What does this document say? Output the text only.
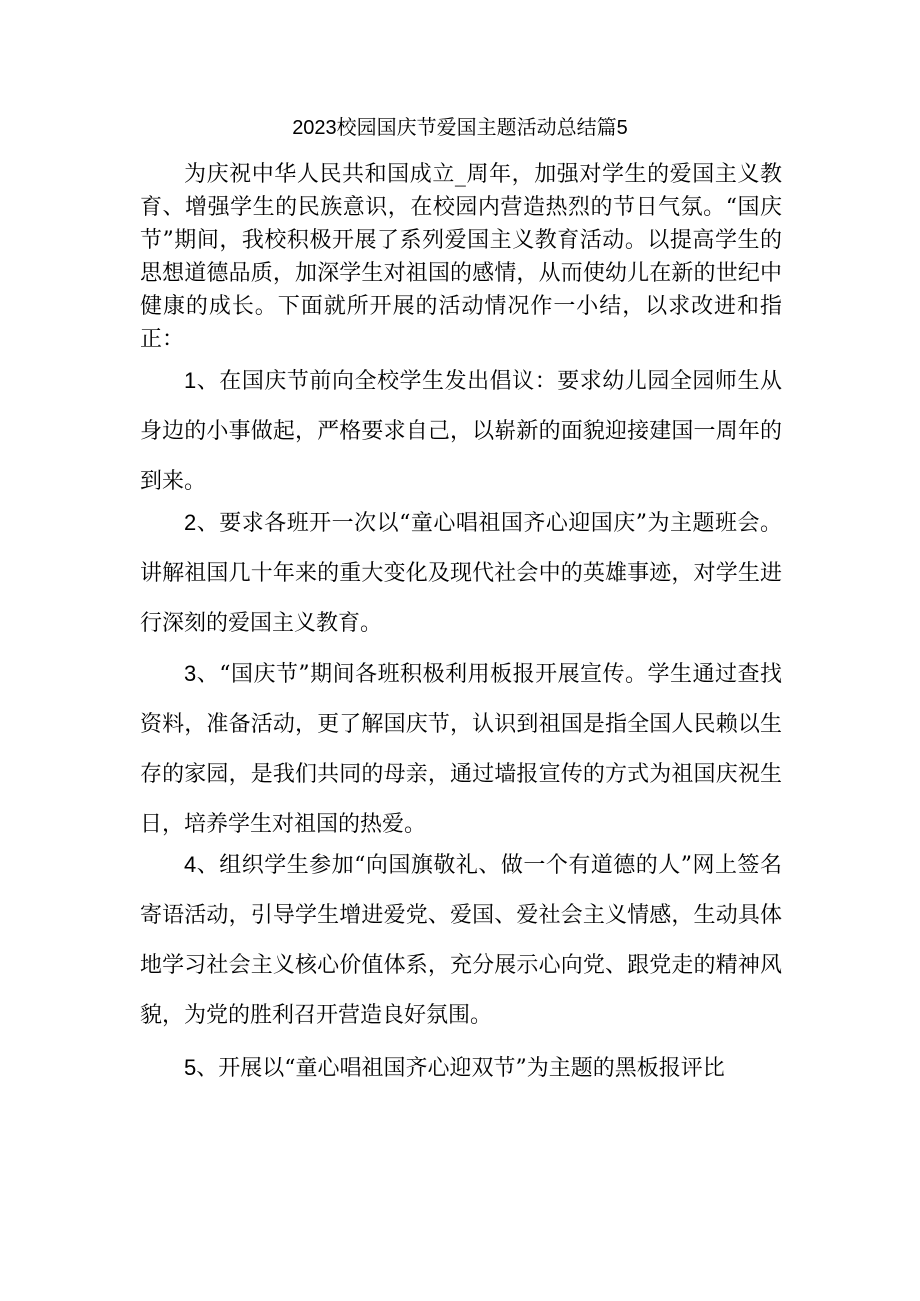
2023校园国庆节爱国主题活动总结篇5

为庆祝中华人民共和国成立_周年，加强对学生的爱国主义教育、增强学生的民族意识，在校园内营造热烈的节日气氛。“国庆节”期间，我校积极开展了系列爱国主义教育活动。以提高学生的思想道德品质，加深学生对祖国的感情，从而使幼儿在新的世纪中健康的成长。下面就所开展的活动情况作一小结，以求改进和指正：

1、在国庆节前向全校学生发出倡议：要求幼儿园全园师生从身边的小事做起，严格要求自己，以崭新的面貌迎接建国一周年的到来。

2、要求各班开一次以“童心唱祖国齐心迎国庆”为主题班会。讲解祖国几十年来的重大变化及现代社会中的英雄事迹，对学生进行深刻的爱国主义教育。

3、“国庆节”期间各班积极利用板报开展宣传。学生通过查找资料，准备活动，更了解国庆节，认识到祖国是指全国人民赖以生存的家园，是我们共同的母亲，通过墙报宣传的方式为祖国庆祝生日，培养学生对祖国的热爱。

4、组织学生参加“向国旗敬礼、做一个有道德的人”网上签名寄语活动，引导学生增进爱党、爱国、爱社会主义情感，生动具体地学习社会主义核心价值体系，充分展示心向党、跟党走的精神风貌，为党的胜利召开营造良好氛围。

5、开展以“童心唱祖国齐心迎双节”为主题的黑板报评比
